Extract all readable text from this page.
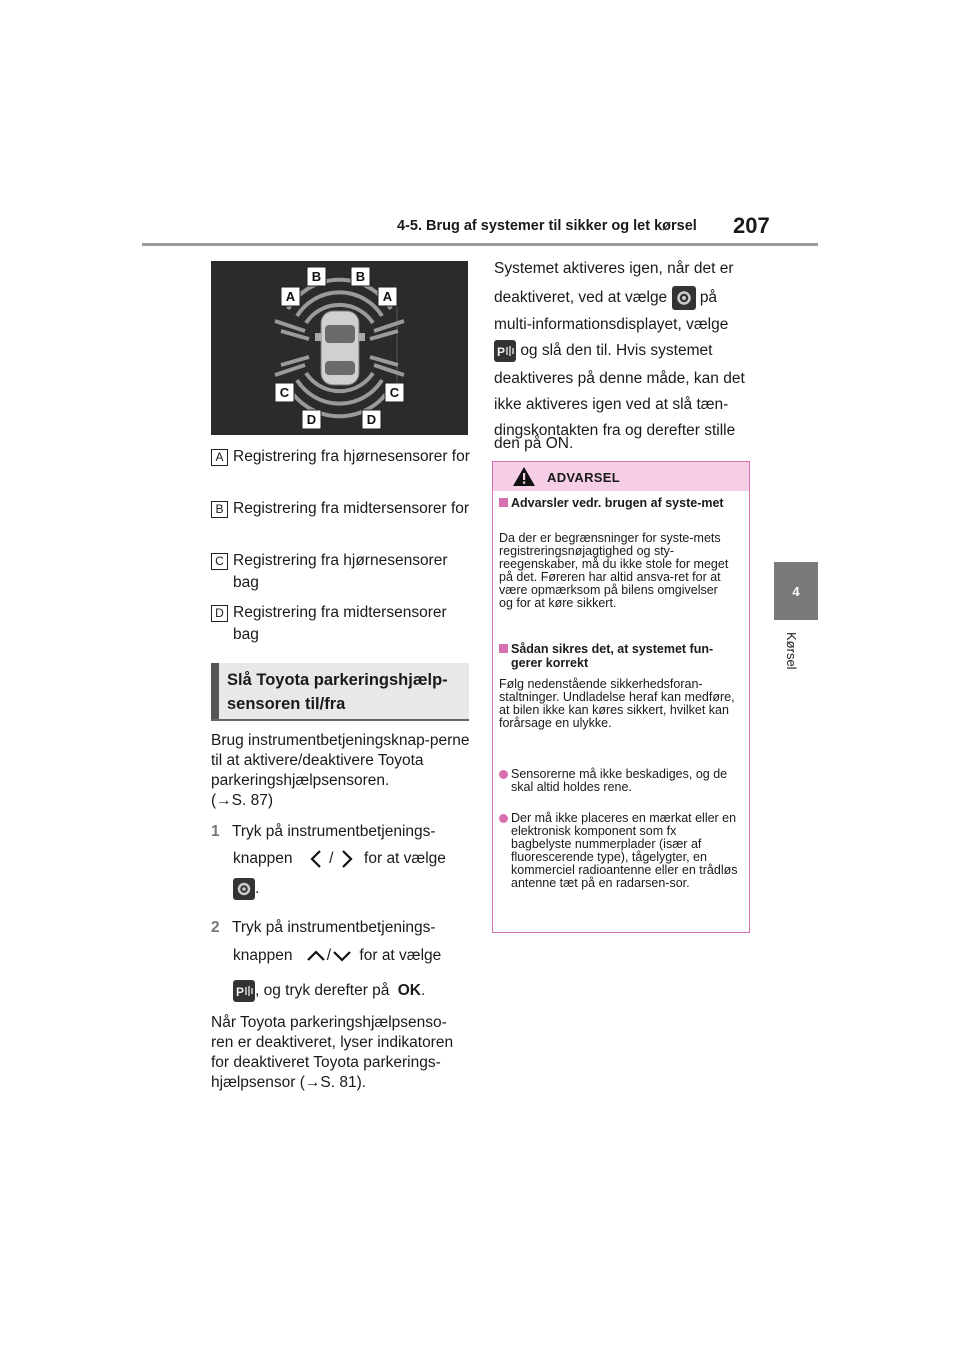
4-5. Brug af systemer til sikker og let kørsel 207
4
Kørsel
B	B
A	A
C	C
D	D
A Registrering fra hjørnesensorer for
B Registrering fra midtersensorer for
C Registrering fra hjørnesensorer bag
D Registrering fra midtersensorer bag
Slå Toyota parkeringshjælp-sensoren til/fra
Brug instrumentbetjeningsknap-perne til at aktivere/deaktivere Toyota parkeringshjælpsensoren.
(→S. 87)
1 Tryk på instrumentbetjenings-
knappen / for at vælge
.
2 Tryk på instrumentbetjenings-
knappen / for at vælge
P , og tryk derefter på OK.
Når Toyota parkeringshjælpsenso-ren er deaktiveret, lyser indikatoren for deaktiveret Toyota parkerings-hjælpsensor (→S. 81).
Systemet aktiveres igen, når det er
deaktiveret, ved at vælge på
multi-informationsdisplayet, vælge
P og slå den til. Hvis systemet
deaktiveres på denne måde, kan det
ikke aktiveres igen ved at slå tæn-
dingskontakten fra og derefter stille
den på ON.
ADVARSEL
Advarsler vedr. brugen af syste-met
Da der er begrænsninger for syste-mets registreringsnøjagtighed og sty-reegenskaber, må du ikke stole for meget på det. Føreren har altid ansva-ret for at være opmærksom på bilens omgivelser og for at køre sikkert.
Sådan sikres det, at systemet fun-gerer korrekt
Følg nedenstående sikkerhedsforan-staltninger. Undladelse heraf kan medføre, at bilen ikke kan køres sikkert, hvilket kan forårsage en ulykke.
Sensorerne må ikke beskadiges, og de skal altid holdes rene.
Der må ikke placeres en mærkat eller en elektronisk komponent som fx bagbelyste nummerplader (især af fluorescerende type), tågelygter, en kommerciel radioantenne eller en trådløs antenne tæt på en radarsen-sor.
